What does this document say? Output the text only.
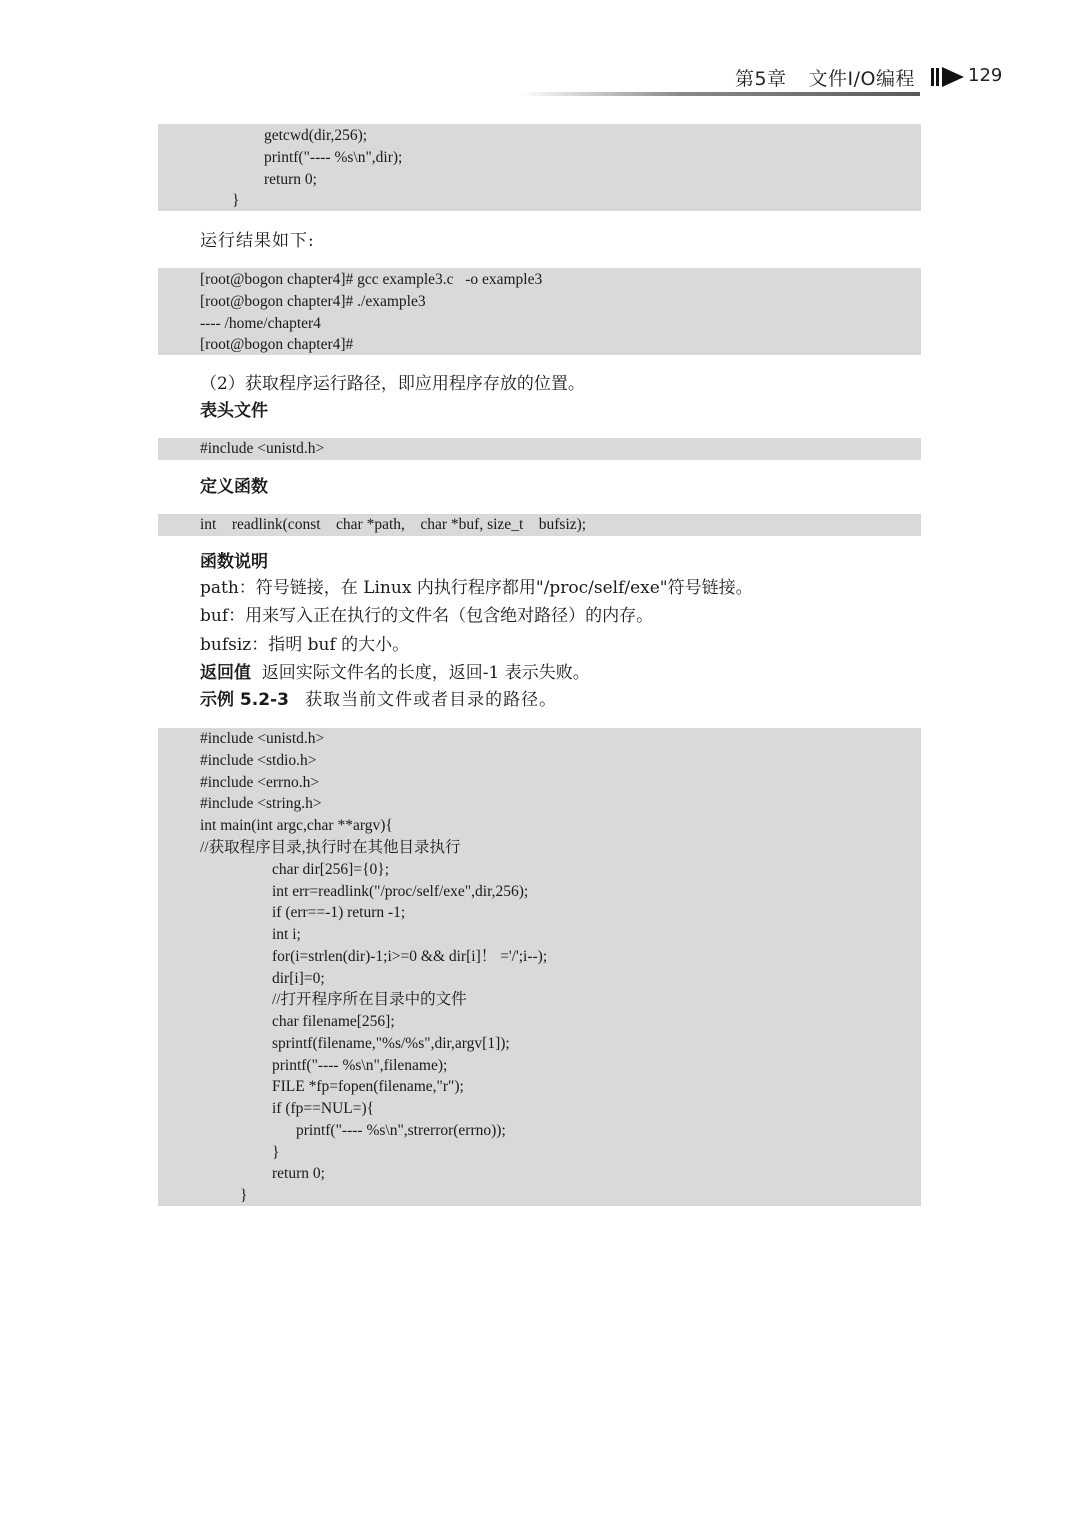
第5章 文件I/O编程	129
getcwd(dir,256);
printf("---- %s\n",dir);
return 0;
}
运行结果如下:
[root@bogon chapter4]# gcc example3.c   -o example3
[root@bogon chapter4]# ./example3
---- /home/chapter4
[root@bogon chapter4]#
（2）获取程序运行路径，即应用程序存放的位置。
表头文件
#include <unistd.h>
定义函数
int    readlink(const    char *path,    char *buf, size_t    bufsiz);
函数说明
path：符号链接，在 Linux 内执行程序都用"/proc/self/exe"符号链接。
buf：用来写入正在执行的文件名（包含绝对路径）的内存。
bufsiz：指明 buf 的大小。
返回值 返回实际文件名的长度，返回-1 表示失败。
示例 5.2-3 获取当前文件或者目录的路径。
#include <unistd.h>
#include <stdio.h>
#include <errno.h>
#include <string.h>
int main(int argc,char **argv){
//获取程序目录,执行时在其他目录执行
char dir[256]={0};
int err=readlink("/proc/self/exe",dir,256);
if (err==-1) return -1;
int i;
for(i=strlen(dir)-1;i>=0 && dir[i]！ ='/';i--);
dir[i]=0;
//打开程序所在目录中的文件
char filename[256];
sprintf(filename,"%s/%s",dir,argv[1]);
printf("---- %s\n",filename);
FILE *fp=fopen(filename,"r");
if (fp==NUL=){
printf("---- %s\n",strerror(errno));
}
return 0;
}
